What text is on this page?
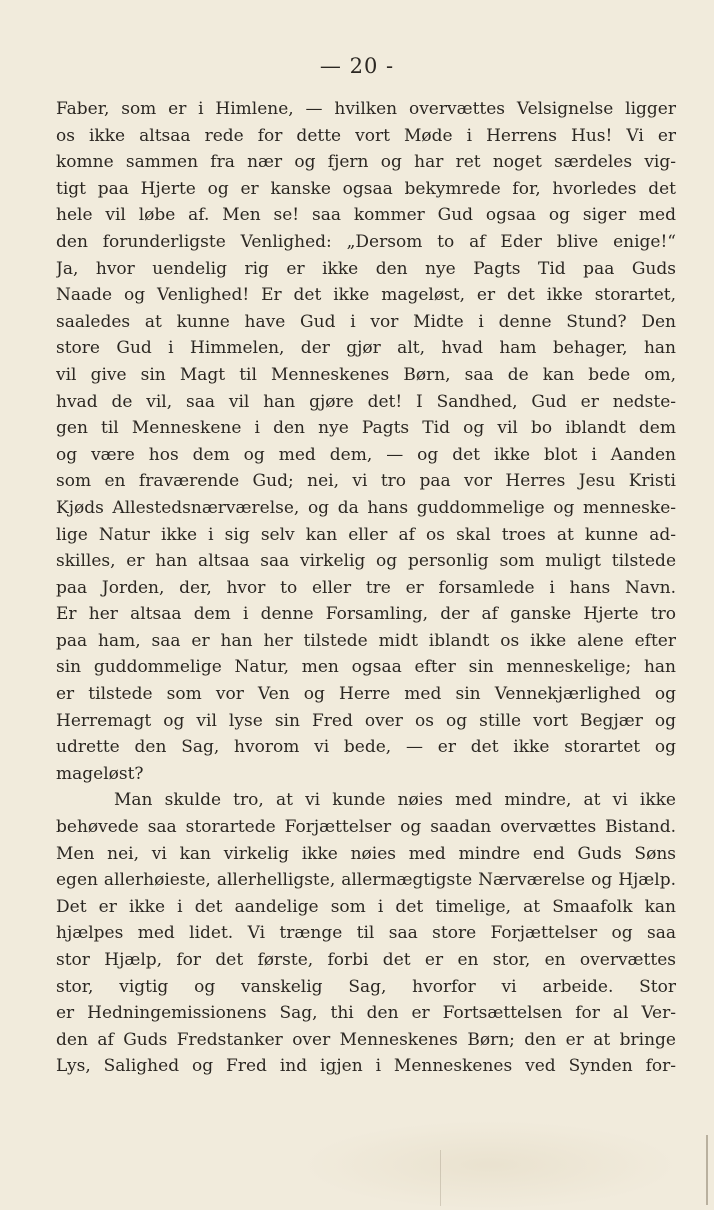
— 20 -
Faber, som er i Himlene, — hvilken overvættes Velsignelse ligger
os ikke altsaa rede for dette vort Møde i Herrens Hus! Vi er
komne sammen fra nær og fjern og har ret noget særdeles vig-
tigt paa Hjerte og er kanske ogsaa bekymrede for, hvorledes det
hele vil løbe af. Men se! saa kommer Gud ogsaa og siger med
den forunderligste Venlighed: „Dersom to af Eder blive enige!“
Ja, hvor uendelig rig er ikke den nye Pagts Tid paa Guds
Naade og Venlighed! Er det ikke mageløst, er det ikke storartet,
saaledes at kunne have Gud i vor Midte i denne Stund? Den
store Gud i Himmelen, der gjør alt, hvad ham behager, han
vil give sin Magt til Menneskenes Børn, saa de kan bede om,
hvad de vil, saa vil han gjøre det! I Sandhed, Gud er nedste-
gen til Menneskene i den nye Pagts Tid og vil bo iblandt dem
og være hos dem og med dem, — og det ikke blot i Aanden
som en fraværende Gud; nei, vi tro paa vor Herres Jesu Kristi
Kjøds Allestedsnærværelse, og da hans guddommelige og menneske-
lige Natur ikke i sig selv kan eller af os skal troes at kunne ad-
skilles, er han altsaa saa virkelig og personlig som muligt tilstede
paa Jorden, der, hvor to eller tre er forsamlede i hans Navn.
Er her altsaa dem i denne Forsamling, der af ganske Hjerte tro
paa ham, saa er han her tilstede midt iblandt os ikke alene efter
sin guddommelige Natur, men ogsaa efter sin menneskelige; han
er tilstede som vor Ven og Herre med sin Vennekjærlighed og
Herremagt og vil lyse sin Fred over os og stille vort Begjær og
udrette den Sag, hvorom vi bede, — er det ikke storartet og
mageløst?
Man skulde tro, at vi kunde nøies med mindre, at vi ikke
behøvede saa storartede Forjættelser og saadan overvættes Bistand.
Men nei, vi kan virkelig ikke nøies med mindre end Guds Søns
egen allerhøieste, allerhelligste, allermægtigste Nærværelse og Hjælp.
Det er ikke i det aandelige som i det timelige, at Smaafolk kan
hjælpes med lidet. Vi trænge til saa store Forjættelser og saa
stor Hjælp, for det første, forbi det er en stor, en overvættes
stor, vigtig og vanskelig Sag, hvorfor vi arbeide. Stor
er Hedningemissionens Sag, thi den er Fortsættelsen for al Ver-
den af Guds Fredstanker over Menneskenes Børn; den er at bringe
Lys, Salighed og Fred ind igjen i Menneskenes ved Synden for-
